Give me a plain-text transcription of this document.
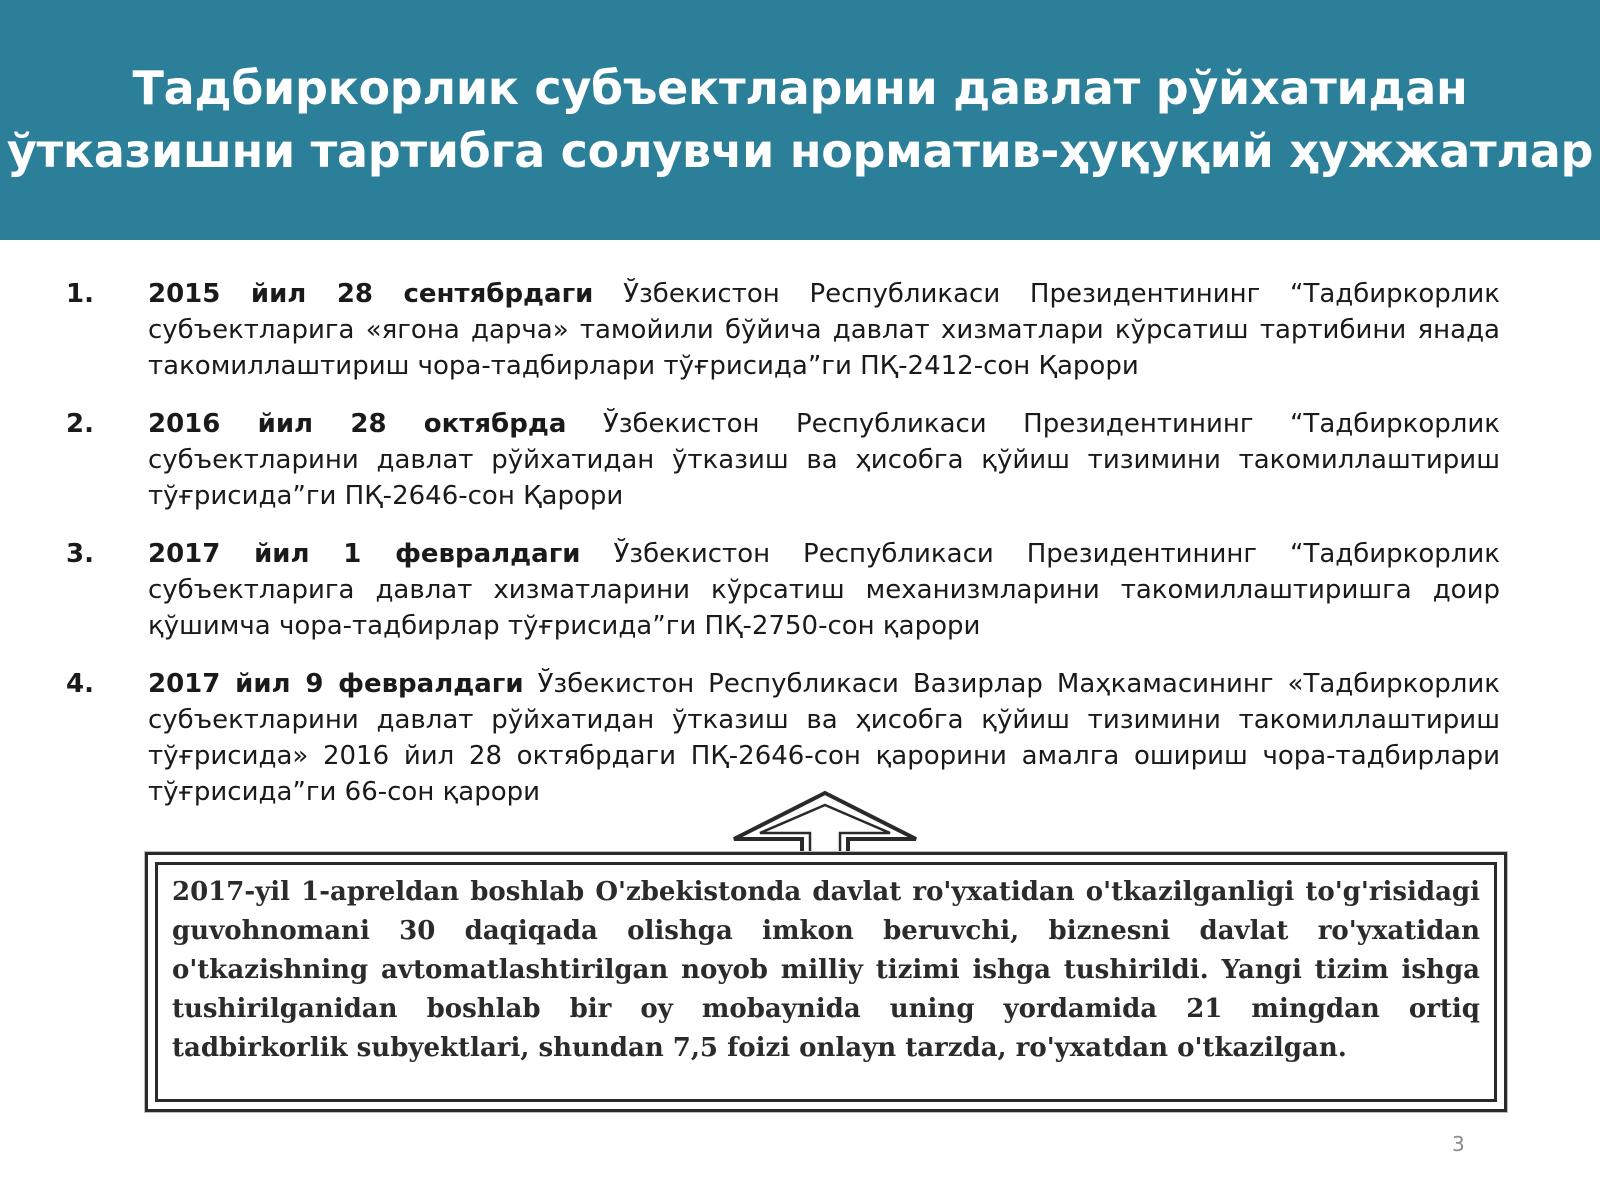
Тадбиркорлик субъектларини давлат рўйхатидан
ўтказишни тартибга солувчи норматив-ҳуқуқий ҳужжатлар
1. 2015 йил 28 сентябрдаги Ўзбекистон Республикаси Президентининг “Тадбиркорлик субъектларига «ягона дарча» тамойили бўйича давлат хизматлари кўрсатиш тартибини янада такомиллаштириш чора-тадбирлари тўғрисида”ги ПҚ-2412-сон Қарори
2. 2016 йил 28 октябрда Ўзбекистон Республикаси Президентининг “Тадбиркорлик субъектларини давлат рўйхатидан ўтказиш ва ҳисобга қўйиш тизимини такомиллаштириш тўғрисида”ги ПҚ-2646-сон Қарори
3. 2017 йил 1 февралдаги Ўзбекистон Республикаси Президентининг “Тадбиркорлик субъектларига давлат хизматларини кўрсатиш механизмларини такомиллаштиришга доир қўшимча чора-тадбирлар тўғрисида”ги ПҚ-2750-сон қарори
4. 2017 йил 9 февралдаги Ўзбекистон Республикаси Вазирлар Маҳкамасининг «Тадбиркорлик субъектларини давлат рўйхатидан ўтказиш ва ҳисобга қўйиш тизимини такомиллаштириш тўғрисида» 2016 йил 28 октябрдаги ПҚ-2646-сон қарорини амалга ошириш чора-тадбирлари тўғрисида”ги 66-сон қарори

2017-yil 1-apreldan boshlab O'zbekistonda davlat ro'yxatidan o'tkazilganligi to'g'risidagi guvohnomani 30 daqiqada olishga imkon beruvchi, biznesni davlat ro'yxatidan o'tkazishning avtomatlashtirilgan noyob milliy tizimi ishga tushirildi. Yangi tizim ishga tushirilganidan boshlab bir oy mobaynida uning yordamida 21 mingdan ortiq tadbirkorlik subyektlari, shundan 7,5 foizi onlayn tarzda, ro'yxatdan o'tkazilgan.

3
